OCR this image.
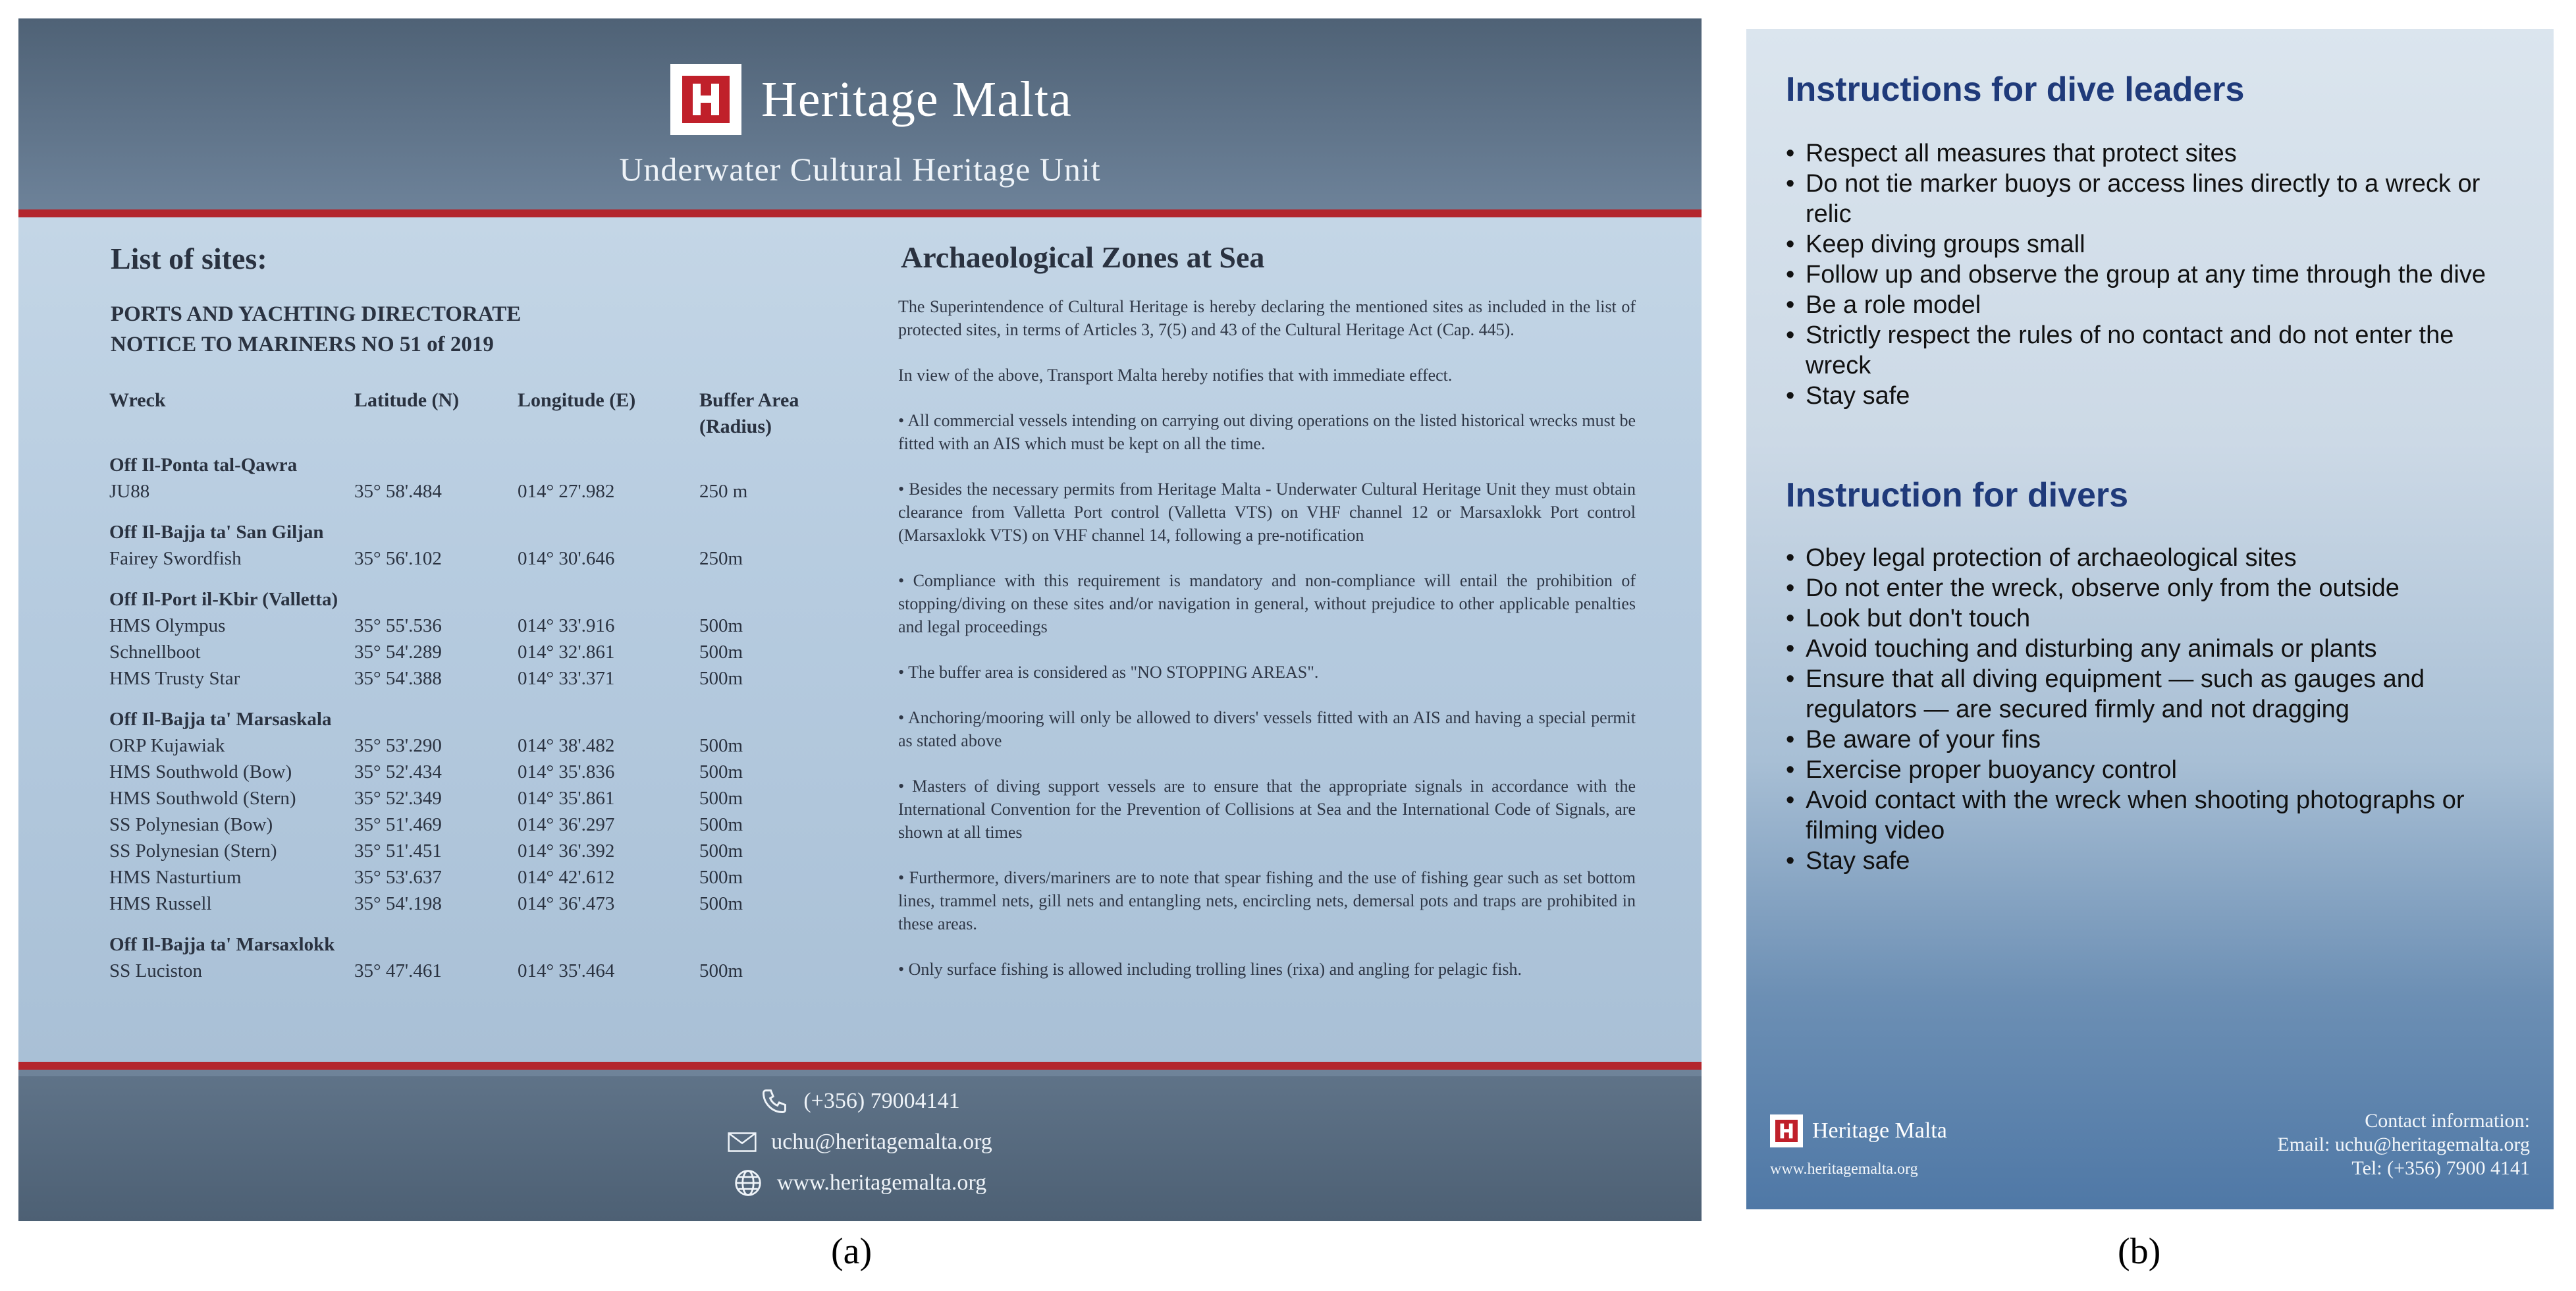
Heritage Malta
Underwater Cultural Heritage Unit
List of sites:
PORTS AND YACHTING DIRECTORATE
NOTICE TO MARINERS NO 51 of 2019
Wreck	Latitude (N)	Longitude (E)	Buffer Area
(Radius)
Off Il-Ponta tal-Qawra			
JU88	35° 58'.484	014° 27'.982	250 m
Off Il-Bajja ta' San Giljan			
Fairey Swordfish	35° 56'.102	014° 30'.646	250m
Off Il-Port il-Kbir (Valletta)			
HMS Olympus	35° 55'.536	014° 33'.916	500m
Schnellboot	35° 54'.289	014° 32'.861	500m
HMS Trusty Star	35° 54'.388	014° 33'.371	500m
Off Il-Bajja ta' Marsaskala			
ORP Kujawiak	35° 53'.290	014° 38'.482	500m
HMS Southwold (Bow)	35° 52'.434	014° 35'.836	500m
HMS Southwold (Stern)	35° 52'.349	014° 35'.861	500m
SS Polynesian (Bow)	35° 51'.469	014° 36'.297	500m
SS Polynesian (Stern)	35° 51'.451	014° 36'.392	500m
HMS Nasturtium	35° 53'.637	014° 42'.612	500m
HMS Russell	35° 54'.198	014° 36'.473	500m
Off Il-Bajja ta' Marsaxlokk			
SS Luciston	35° 47'.461	014° 35'.464	500m
Archaeological Zones at Sea

The Superintendence of Cultural Heritage is hereby declaring the mentioned sites as included in the list of protected sites, in terms of Articles 3, 7(5) and 43 of the Cultural Heritage Act (Cap. 445).

In view of the above, Transport Malta hereby notifies that with immediate effect.

• All commercial vessels intending on carrying out diving operations on the listed historical wrecks must be fitted with an AIS which must be kept on all the time.

• Besides the necessary permits from Heritage Malta - Underwater Cultural Heritage Unit they must obtain clearance from Valletta Port control (Valletta VTS) on VHF channel 12 or Marsaxlokk Port control (Marsaxlokk VTS) on VHF channel 14, following a pre-notification

• Compliance with this requirement is mandatory and non-compliance will entail the prohibition of stopping/diving on these sites and/or navigation in general, without prejudice to other applicable penalties and legal proceedings

• The buffer area is considered as "NO STOPPING AREAS".

• Anchoring/mooring will only be allowed to divers' vessels fitted with an AIS and having a special permit as stated above

• Masters of diving support vessels are to ensure that the appropriate signals in accordance with the International Convention for the Prevention of Collisions at Sea and the International Code of Signals, are shown at all times

• Furthermore, divers/mariners are to note that spear fishing and the use of fishing gear such as set bottom lines, trammel nets, gill nets and entangling nets, encircling nets, demersal pots and traps are prohibited in these areas.

• Only surface fishing is allowed including trolling lines (rixa) and angling for pelagic fish.

(+356) 79004141
uchu@heritagemalta.org
www.heritagemalta.org
Instructions for dive leaders
• Respect all measures that protect sites
• Do not tie marker buoys or access lines directly to a wreck or relic
• Keep diving groups small
• Follow up and observe the group at any time through the dive
• Be a role model
• Strictly respect the rules of no contact and do not enter the wreck
• Stay safe
Instruction for divers
• Obey legal protection of archaeological sites
• Do not enter the wreck, observe only from the outside
• Look but don't touch
• Avoid touching and disturbing any animals or plants
• Ensure that all diving equipment — such as gauges and regulators — are secured firmly and not dragging
• Be aware of your fins
• Exercise proper buoyancy control
• Avoid contact with the wreck when shooting photographs or filming video
• Stay safe
Heritage Malta
www.heritagemalta.org
Contact information:
Email: uchu@heritagemalta.org
Tel: (+356) 7900 4141
(a)	(b)
